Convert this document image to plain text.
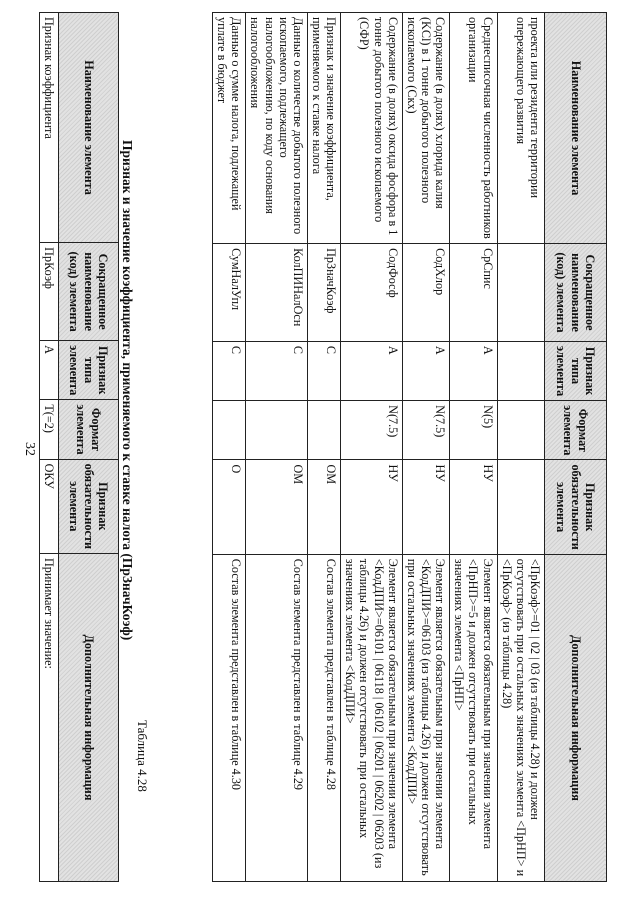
32
Наименование элемента	Сокращенное наименование (код) элемента	Признак типа элемента	Формат элемента	Признак обязательности элемента	Дополнительная информация
проекта или резидента территории опережающего развития					<ПрКоэф>=01 | 02 | 03 (из таблицы 4.28) и должен отсутствовать при остальных значениях элемента <ПрНП> и <ПрКоэф> (из таблицы 4.28)
Среднесписочная численность работников организации	СрСпис	А	N(5)	НУ	Элемент является обязательным при значении элемента <ПрНП>=5 и должен отсутствовать при остальных значениях элемента <ПрНП>
Содержание (в долях) хлорида калия (KCl) в 1 тонне добытого полезного ископаемого (Скх)	СодХлор	А	N(7.5)	НУ	Элемент является обязательным при значении элемента <КодДПИ>=06103 (из таблицы 4.26) и должен отсутствовать при остальных значениях элемента <КодДПИ>
Содержание (в долях) оксида фосфора в 1 тонне добытого полезного ископаемого (СФР)	СодФосф	А	N(7.5)	НУ	Элемент является обязательным при значении элемента <КодДПИ>=06101 | 06118 | 06102 | 06201 | 06202 | 06203 (из таблицы 4.26) и должен отсутствовать при остальных значениях элемента <КодДПИ>
Признак и значение коэффициента, применяемого к ставке налога	ПрЗначКоэф	С		ОМ	Состав элемента представлен в таблице 4.28
Данные о количестве добытого полезного ископаемого, подлежащего налогообложению, по коду основания налогообложения	КолПИНалОсн	С		ОМ	Состав элемента представлен в таблице 4.29
Данные о сумме налога, подлежащей уплате в бюджет	СумНалУпл	С		О	Состав элемента представлен в таблице 4.30
Таблица 4.28
Признак и значение коэффициента, применяемого к ставке налога (ПрЗначКоэф)
Наименование элемента	Сокращенное наименование (код) элемента	Признак типа элемента	Формат элемента	Признак обязательности элемента	Дополнительная информация
Признак коэффициента	ПрКоэф	А	T(=2)	ОКУ	Принимает значение:
